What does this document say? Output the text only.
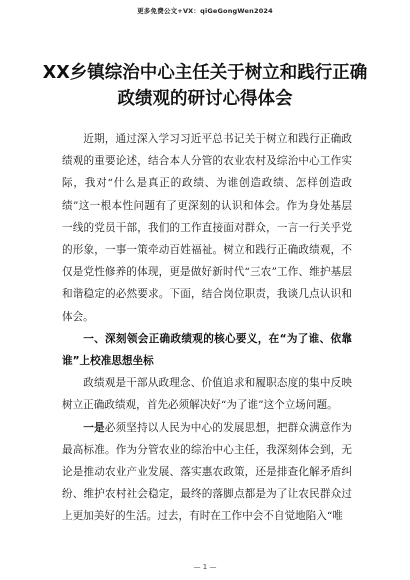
更多免费公文+VX：qiGeGongWen2024
XX乡镇综治中心主任关于树立和践行正确政绩观的研讨心得体会

近期，通过深入学习习近平总书记关于树立和践行正确政绩观的重要论述，结合本人分管的农业农村及综治中心工作实际，我对“什么是真正的政绩、为谁创造政绩、怎样创造政绩”这一根本性问题有了更深刻的认识和体会。作为身处基层一线的党员干部，我们的工作直接面对群众，一言一行关乎党的形象，一事一策牵动百姓福祉。树立和践行正确政绩观，不仅是党性修养的体现，更是做好新时代“三农”工作、维护基层和谐稳定的必然要求。下面，结合岗位职责，我谈几点认识和体会。

一、深刻领会正确政绩观的核心要义，在“为了谁、依靠谁”上校准思想坐标

政绩观是干部从政理念、价值追求和履职态度的集中反映树立正确政绩观，首先必须解决好“为了谁”这个立场问题。

一是必须坚持以人民为中心的发展思想，把群众满意作为最高标准。作为分管农业的综治中心主任，我深刻体会到，无论是推动农业产业发展、落实惠农政策，还是排查化解矛盾纠纷、维护农村社会稳定，最终的落脚点都是为了让农民群众过上更加美好的生活。过去，有时在工作中会不自觉地陷入“唯

— 1 —
